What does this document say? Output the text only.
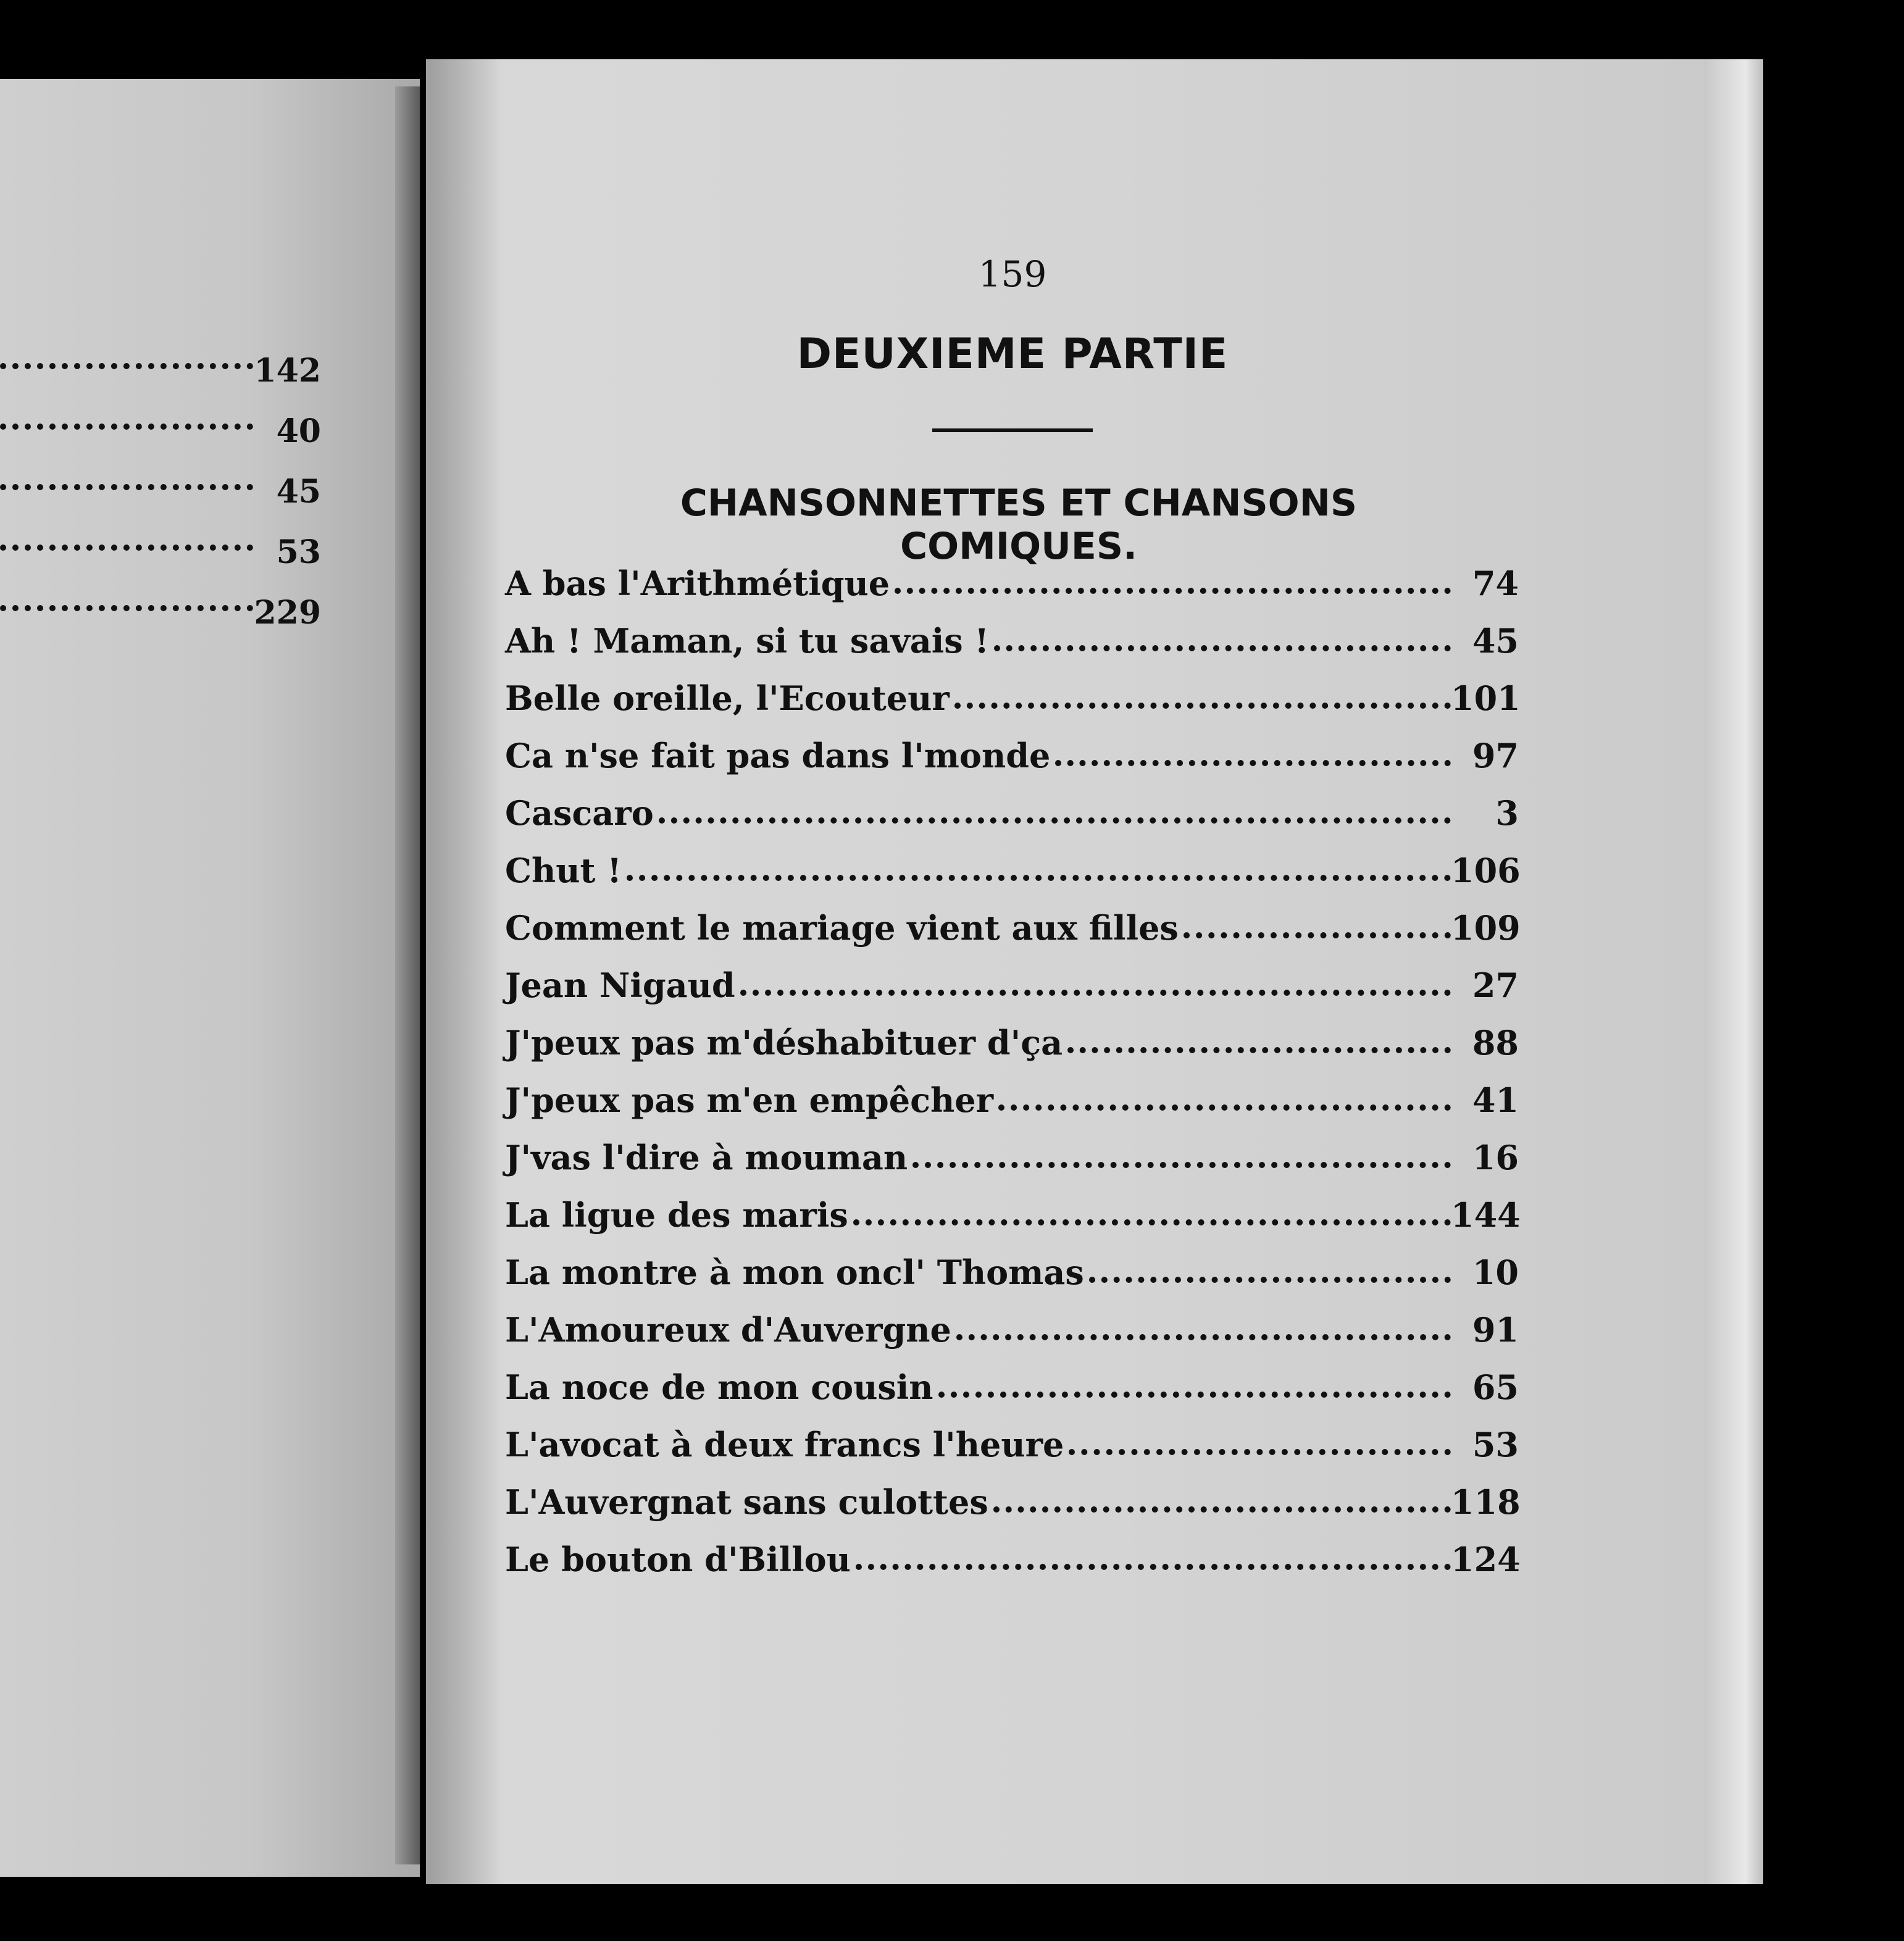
142
40
45
53
229
159
DEUXIEME PARTIE
CHANSONNETTES ET CHANSONS COMIQUES.
A bas l'Arithmétique	74
Ah ! Maman, si tu savais !	45
Belle oreille, l'Ecouteur	101
Ca n'se fait pas dans l'monde	97
Cascaro	3
Chut !	106
Comment le mariage vient aux filles	109
Jean Nigaud	27
J'peux pas m'déshabituer d'ça	88
J'peux pas m'en empêcher	41
J'vas l'dire à mouman	16
La ligue des maris	144
La montre à mon oncl' Thomas	10
L'Amoureux d'Auvergne	91
La noce de mon cousin	65
L'avocat à deux francs l'heure	53
L'Auvergnat sans culottes	118
Le bouton d'Billou	124
